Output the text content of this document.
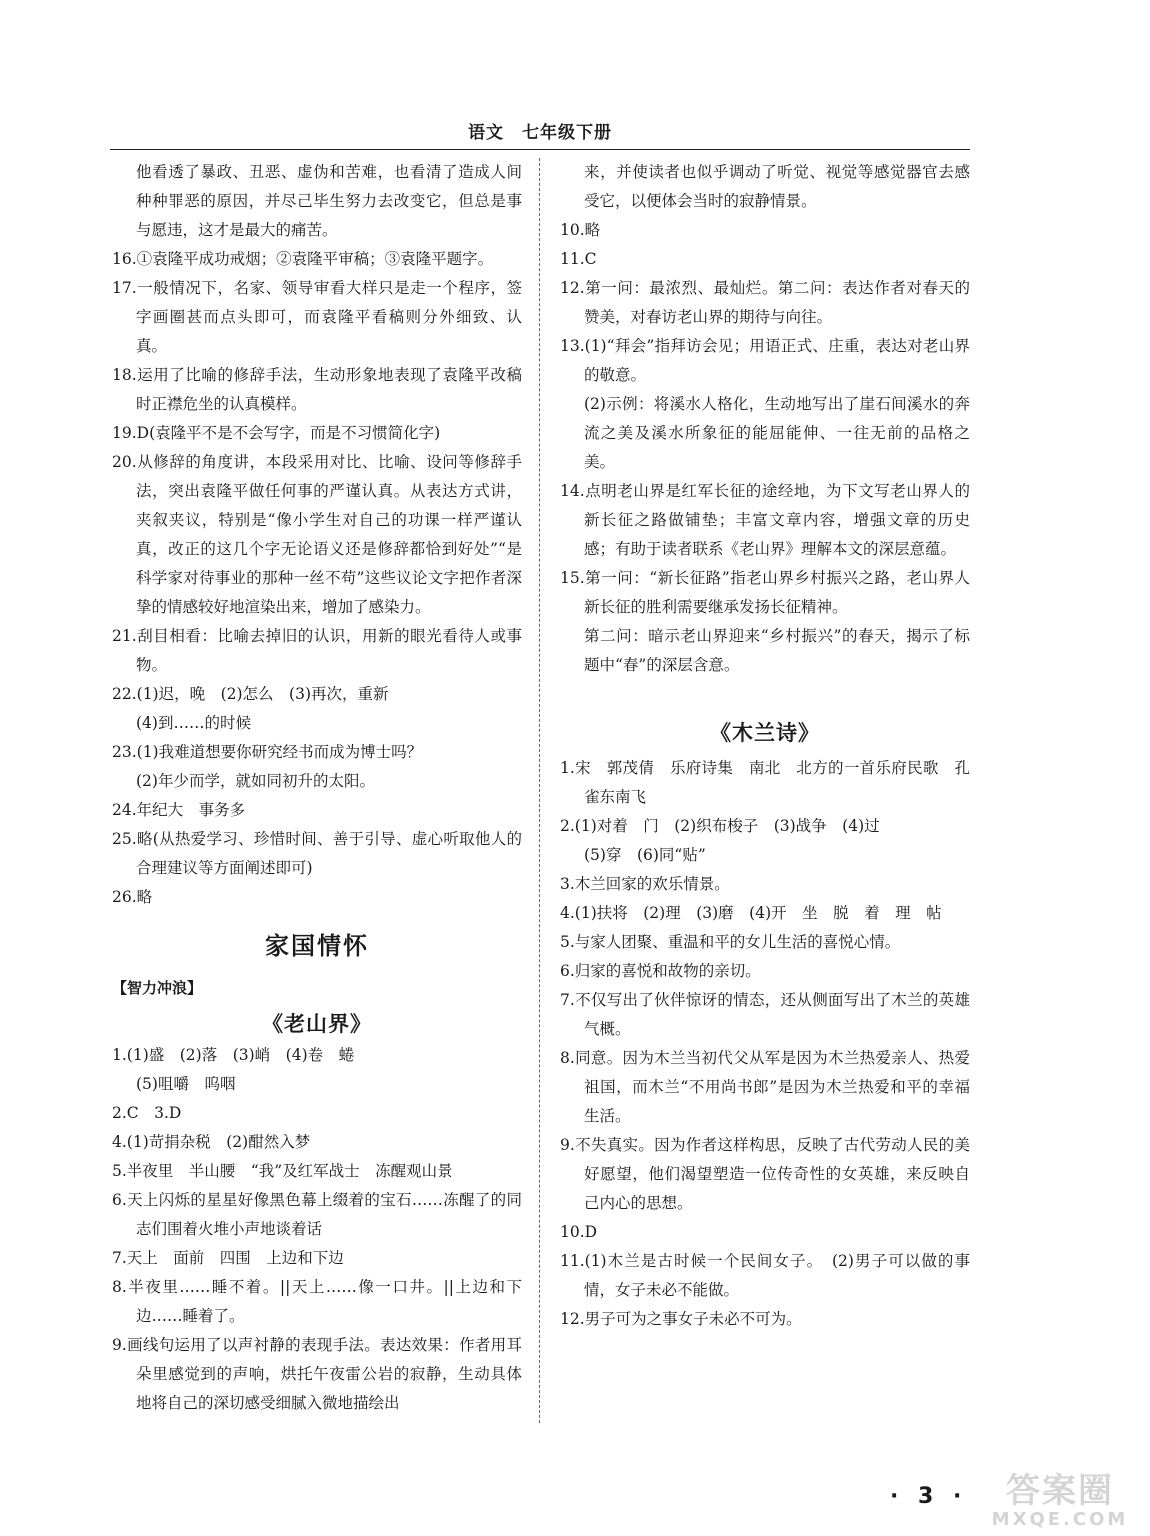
语文　七年级下册

他看透了暴政、丑恶、虚伪和苦难，也看清了造成人间种种罪恶的原因，并尽己毕生努力去改变它，但总是事与愿违，这才是最大的痛苦。

16.①袁隆平成功戒烟；②袁隆平审稿；③袁隆平题字。

17.一般情况下，名家、领导审看大样只是走一个程序，签字画圈甚而点头即可，而袁隆平看稿则分外细致、认真。

18.运用了比喻的修辞手法，生动形象地表现了袁隆平改稿时正襟危坐的认真模样。

19.D(袁隆平不是不会写字，而是不习惯简化字)

20.从修辞的角度讲，本段采用对比、比喻、设问等修辞手法，突出袁隆平做任何事的严谨认真。从表达方式讲，夹叙夹议，特别是“像小学生对自己的功课一样严谨认真，改正的这几个字无论语义还是修辞都恰到好处”“是科学家对待事业的那种一丝不苟”这些议论文字把作者深挚的情感较好地渲染出来，增加了感染力。

21.刮目相看：比喻去掉旧的认识，用新的眼光看待人或事物。

22.(1)迟，晚　(2)怎么　(3)再次，重新

(4)到……的时候

23.(1)我难道想要你研究经书而成为博士吗？

(2)年少而学，就如同初升的太阳。

24.年纪大　事务多

25.略(从热爱学习、珍惜时间、善于引导、虚心听取他人的合理建议等方面阐述即可)

26.略

家国情怀
【智力冲浪】
《老山界》

1.(1)盛　(2)落　(3)峭　(4)卷　蜷

(5)咀嚼　呜咽

2.C　3.D

4.(1)苛捐杂税　(2)酣然入梦

5.半夜里　半山腰　“我”及红军战士　冻醒观山景

6.天上闪烁的星星好像黑色幕上缀着的宝石……冻醒了的同志们围着火堆小声地谈着话

7.天上　面前　四围　上边和下边

8.半夜里……睡不着。||天上……像一口井。||上边和下边……睡着了。

9.画线句运用了以声衬静的表现手法。表达效果：作者用耳朵里感觉到的声响，烘托午夜雷公岩的寂静，生动具体地将自己的深切感受细腻入微地描绘出

来，并使读者也似乎调动了听觉、视觉等感觉器官去感受它，以便体会当时的寂静情景。

10.略

11.C

12.第一问：最浓烈、最灿烂。第二问：表达作者对春天的赞美，对春访老山界的期待与向往。

13.(1)“拜会”指拜访会见；用语正式、庄重，表达对老山界的敬意。

(2)示例：将溪水人格化，生动地写出了崖石间溪水的奔流之美及溪水所象征的能屈能伸、一往无前的品格之美。

14.点明老山界是红军长征的途经地，为下文写老山界人的新长征之路做铺垫；丰富文章内容，增强文章的历史感；有助于读者联系《老山界》理解本文的深层意蕴。

15.第一问：“新长征路”指老山界乡村振兴之路，老山界人新长征的胜利需要继承发扬长征精神。

第二问：暗示老山界迎来“乡村振兴”的春天，揭示了标题中“春”的深层含意。

《木兰诗》

1.宋　郭茂倩　乐府诗集　南北　北方的一首乐府民歌　孔雀东南飞

2.(1)对着　门　(2)织布梭子　(3)战争　(4)过

(5)穿　(6)同“贴”

3.木兰回家的欢乐情景。

4.(1)扶将　(2)理　(3)磨　(4)开　坐　脱　着　理　帖

5.与家人团聚、重温和平的女儿生活的喜悦心情。

6.归家的喜悦和故物的亲切。

7.不仅写出了伙伴惊讶的情态，还从侧面写出了木兰的英雄气概。

8.同意。因为木兰当初代父从军是因为木兰热爱亲人、热爱祖国，而木兰“不用尚书郎”是因为木兰热爱和平的幸福生活。

9.不失真实。因为作者这样构思，反映了古代劳动人民的美好愿望，他们渴望塑造一位传奇性的女英雄，来反映自己内心的思想。

10.D

11.(1)木兰是古时候一个民间女子。　(2)男子可以做的事情，女子未必不能做。

12.男子可为之事女子未必不可为。

· 3 ·	答案圈
MXQE.COM
